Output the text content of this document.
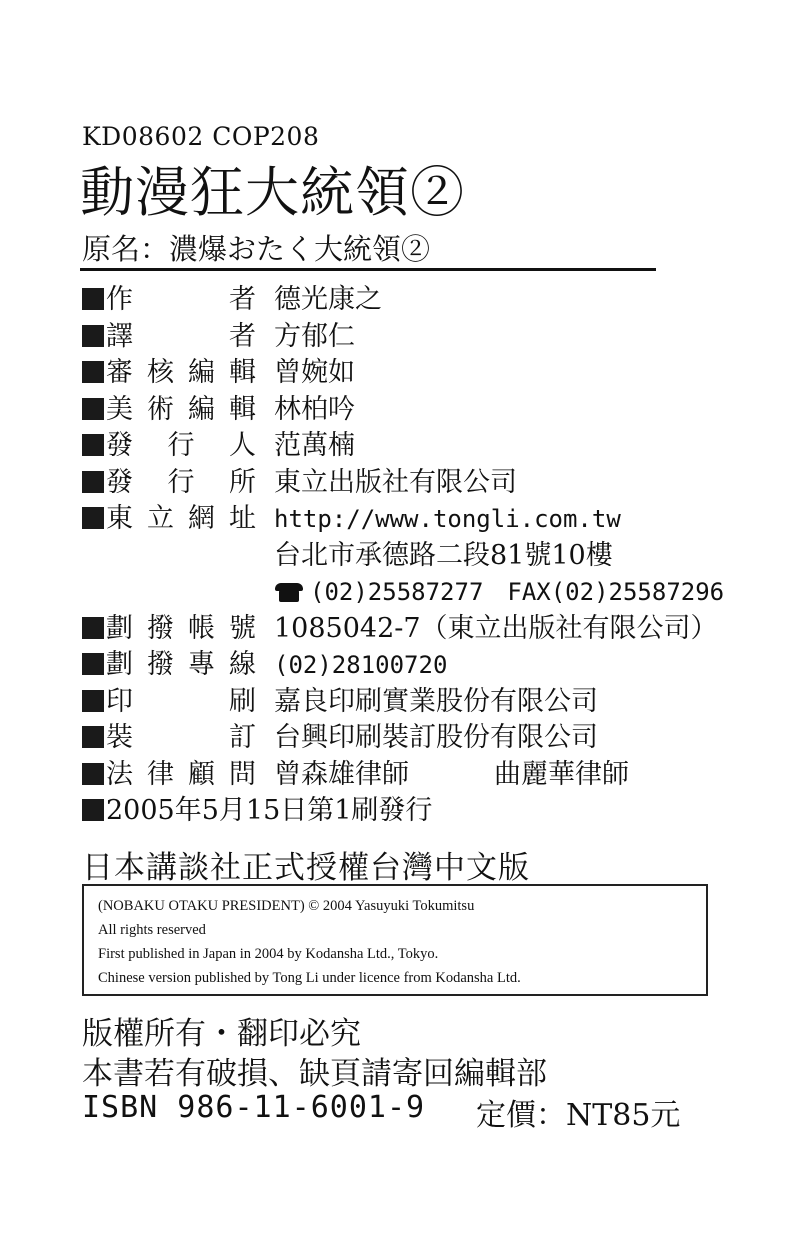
KD08602 COP208
動漫狂大統領②
原名：濃爆おたく大統領②
作者 德光康之
譯者 方郁仁
審核編輯 曾婉如
美術編輯 林柏吟
發行人 范萬楠
發行所 東立出版社有限公司
東立網址 http://www.tongli.com.tw
台北市承德路二段81號10樓
(02)25587277　FAX(02)25587296
劃撥帳號 1085042-7（東立出版社有限公司）
劃撥專線 (02)28100720
印刷 嘉良印刷實業股份有限公司
裝訂 台興印刷裝訂股份有限公司
法律顧問 曾森雄律師	曲麗華律師
2005年5月15日第1刷發行
日本講談社正式授權台灣中文版
(NOBAKU OTAKU PRESIDENT) © 2004 Yasuyuki Tokumitsu
All rights reserved
First published in Japan in 2004 by Kodansha Ltd., Tokyo.
Chinese version published by Tong Li under licence from Kodansha Ltd.
版權所有・翻印必究
本書若有破損、缺頁請寄回編輯部
ISBN 986-11-6001-9 定價：NT85元
